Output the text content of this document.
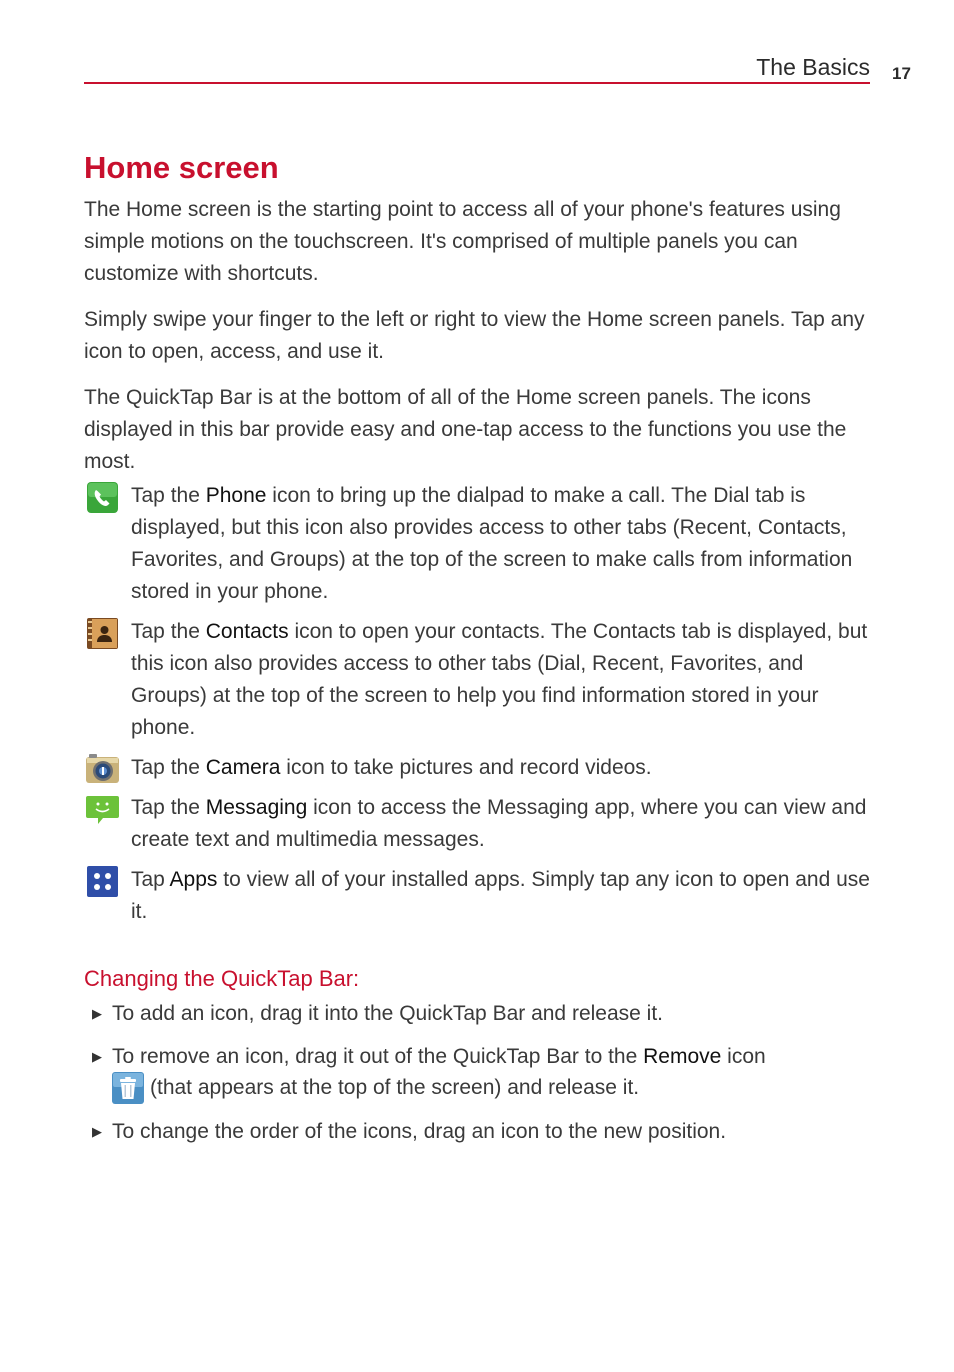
The Basics 17
Home screen

The Home screen is the starting point to access all of your phone's features using simple motions on the touchscreen. It's comprised of multiple panels you can customize with shortcuts.

Simply swipe your finger to the left or right to view the Home screen panels. Tap any icon to open, access, and use it.

The QuickTap Bar is at the bottom of all of the Home screen panels. The icons displayed in this bar provide easy and one-tap access to the functions you use the most.

Tap the Phone icon to bring up the dialpad to make a call. The Dial tab is displayed, but this icon also provides access to other tabs (Recent, Contacts, Favorites, and Groups) at the top of the screen to make calls from information stored in your phone.
Tap the Contacts icon to open your contacts. The Contacts tab is displayed, but this icon also provides access to other tabs (Dial, Recent, Favorites, and Groups) at the top of the screen to help you find information stored in your phone.
Tap the Camera icon to take pictures and record videos.
Tap the Messaging icon to access the Messaging app, where you can view and create text and multimedia messages.
Tap Apps to view all of your installed apps. Simply tap any icon to open and use it.
Changing the QuickTap Bar:
▶ To add an icon, drag it into the QuickTap Bar and release it.
▶ To remove an icon, drag it out of the QuickTap Bar to the Remove icon
(that appears at the top of the screen) and release it.
▶ To change the order of the icons, drag an icon to the new position.
